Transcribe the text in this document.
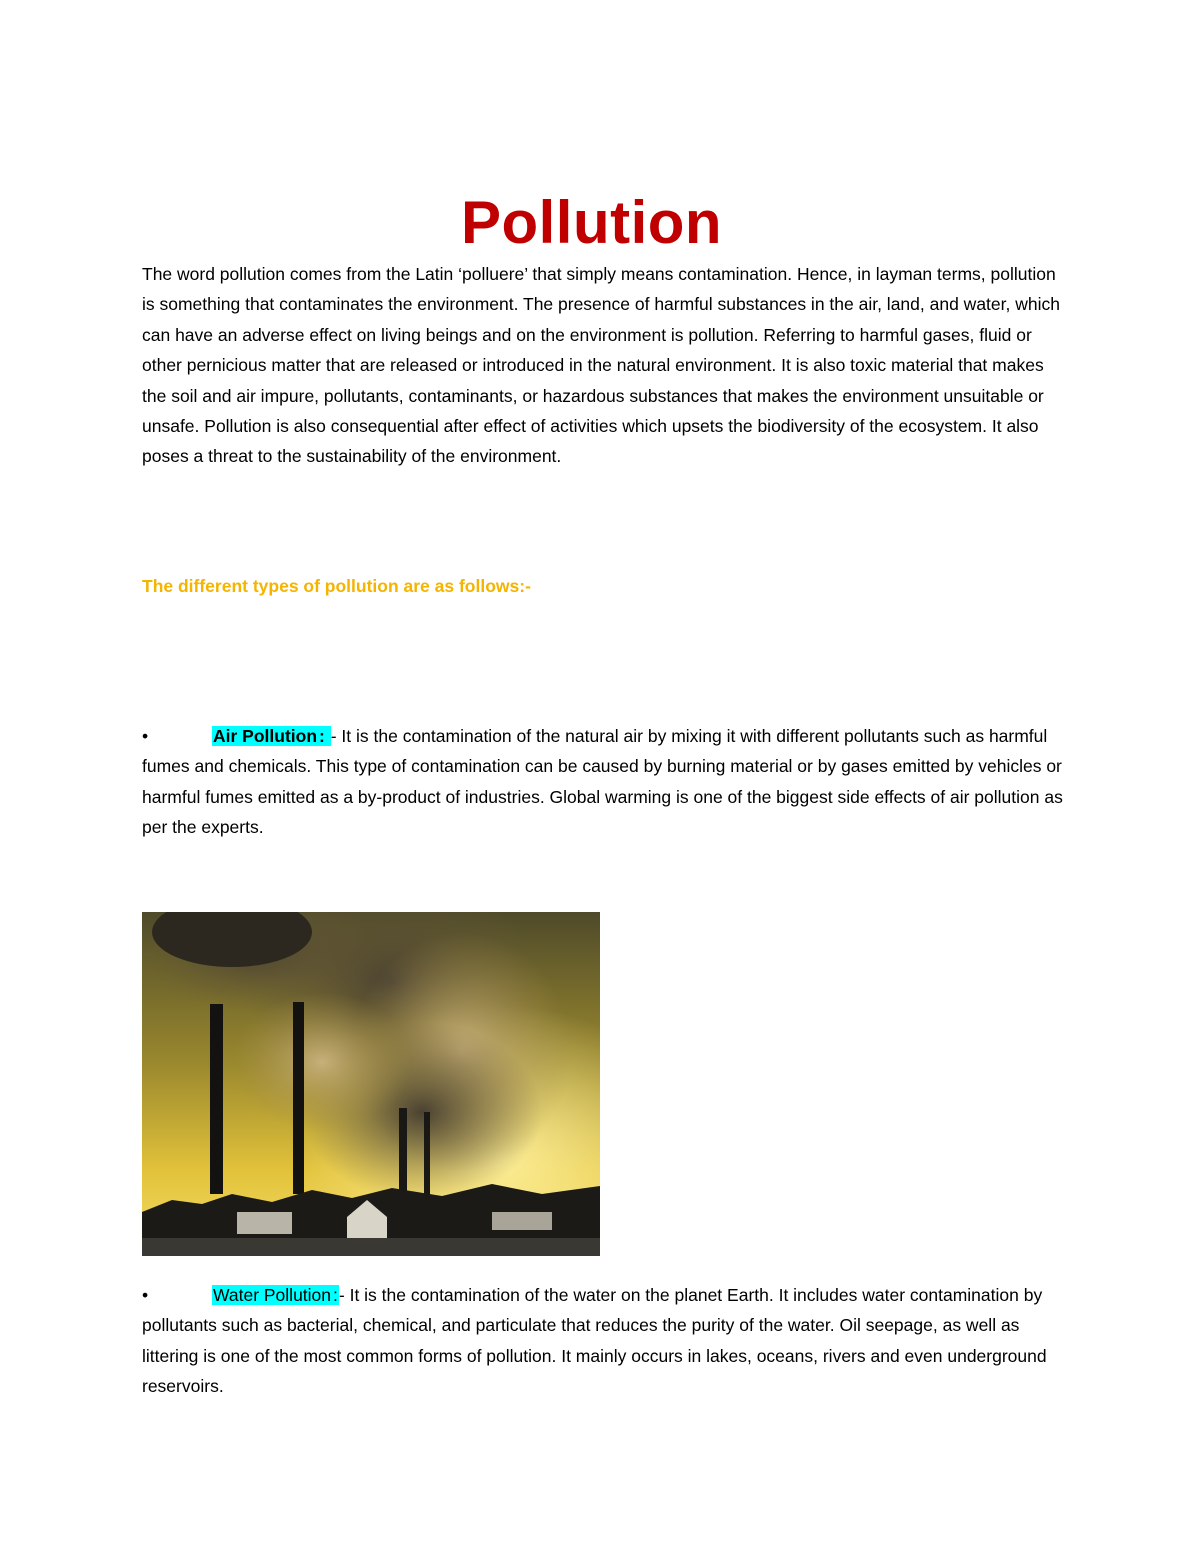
Pollution

The word pollution comes from the Latin ‘polluere’ that simply means contamination. Hence, in layman terms, pollution is something that contaminates the environment. The presence of harmful substances in the air, land, and water, which can have an adverse effect on living beings and on the environment is pollution. Referring to harmful gases, fluid or other pernicious matter that are released or introduced in the natural environment. It is also toxic material that makes the soil and air impure, pollutants, contaminants, or hazardous substances that makes the environment unsuitable or unsafe. Pollution is also consequential after effect of activities which upsets the biodiversity of the ecosystem. It also poses a threat to the sustainability of the environment.

The different types of pollution are as follows:-

•	Air Pollution : - It is the contamination of the natural air by mixing it with different pollutants such as harmful fumes and chemicals. This type of contamination can be caused by burning material or by gases emitted by vehicles or harmful fumes emitted as a by-product of industries. Global warming is one of the biggest side effects of air pollution as per the experts.

•	Water Pollution :- It is the contamination of the water on the planet Earth. It includes water contamination by pollutants such as bacterial, chemical, and particulate that reduces the purity of the water. Oil seepage, as well as littering is one of the most common forms of pollution. It mainly occurs in lakes, oceans, rivers and even underground reservoirs.
